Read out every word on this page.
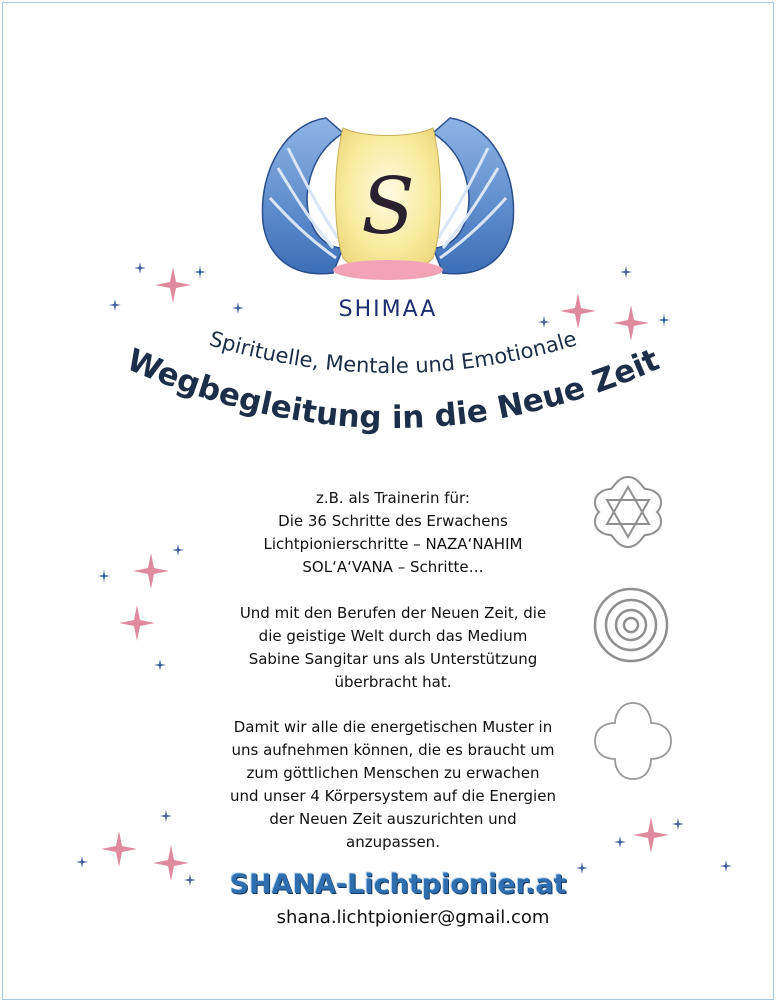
S
SHIMAA
Spirituelle, Mentale und Emotionale
Wegbegleitung in die Neue Zeit
z.B. als Trainerin für:
Die 36 Schritte des Erwachens
Lichtpionierschritte – NAZA‘NAHIM
SOL‘A‘VANA – Schritte…
Und mit den Berufen der Neuen Zeit, die
die geistige Welt durch das Medium
Sabine Sangitar uns als Unterstützung
überbracht hat.
Damit wir alle die energetischen Muster in
uns aufnehmen können, die es braucht um
zum göttlichen Menschen zu erwachen
und unser 4 Körpersystem auf die Energien
der Neuen Zeit auszurichten und
anzupassen.
SHANA-Lichtpionier.at
shana.lichtpionier@gmail.com
